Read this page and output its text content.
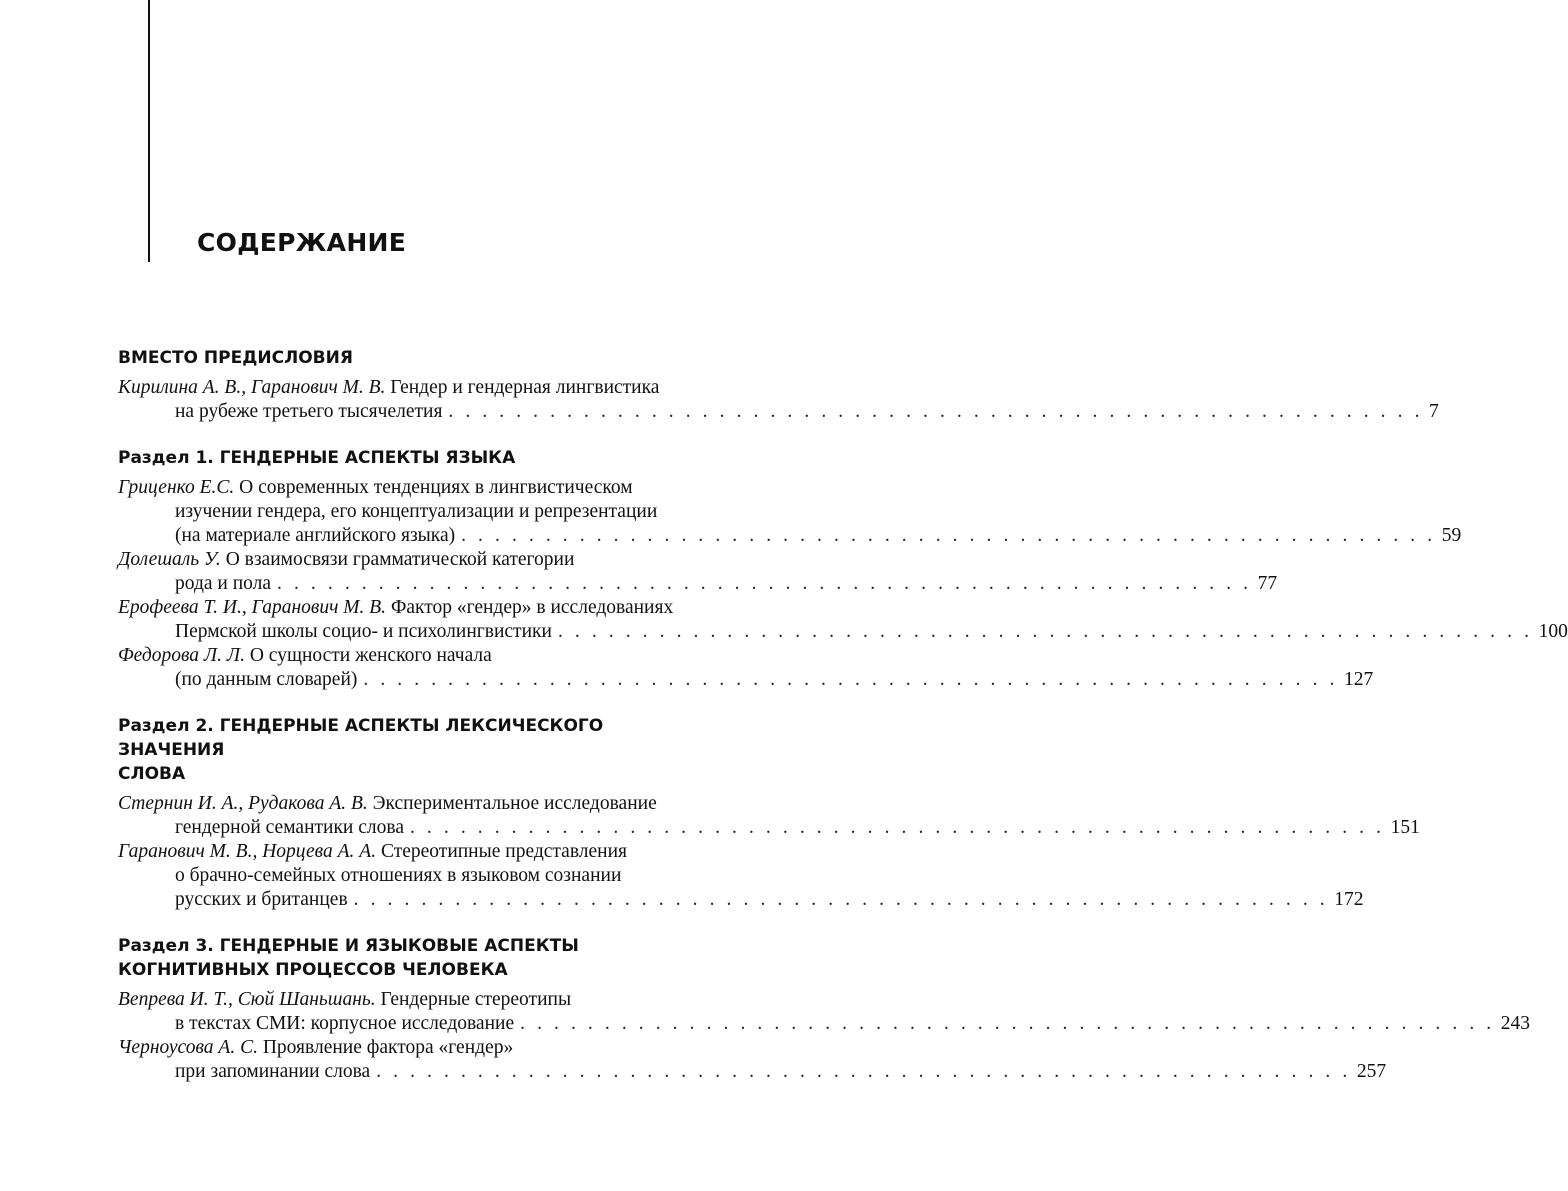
СОДЕРЖАНИЕ
ВМЕСТО ПРЕДИСЛОВИЯ
Кирилина А. В., Гаранович М. В. Гендер и гендерная лингвистика
на рубеже третьего тысячелетия . . . . . . . . . . . . . . . . . . . . . . . . . . . . . . . . . . . . . . . . . . . . . . . . . . . . . . . . . . 7
Раздел 1. ГЕНДЕРНЫЕ АСПЕКТЫ ЯЗЫКА
Гриценко Е.С. О современных тенденциях в лингвистическом
изучении гендера, его концептуализации и репрезентации
(на материале английского языка) . . . . . . . . . . . . . . . . . . . . . . . . . . . . . . . . . . . . . . . . . . . . . . . . . . . . . . . . . . 59
Долешаль У. О взаимосвязи грамматической категории
рода и пола . . . . . . . . . . . . . . . . . . . . . . . . . . . . . . . . . . . . . . . . . . . . . . . . . . . . . . . . . . 77
Ерофеева Т. И., Гаранович М. В. Фактор «гендер» в исследованиях
Пермской школы социо- и психолингвистики . . . . . . . . . . . . . . . . . . . . . . . . . . . . . . . . . . . . . . . . . . . . . . . . . . . . . . . . . . 100
Федорова Л. Л. О сущности женского начала
(по данным словарей) . . . . . . . . . . . . . . . . . . . . . . . . . . . . . . . . . . . . . . . . . . . . . . . . . . . . . . . . . . 127
Раздел 2. ГЕНДЕРНЫЕ АСПЕКТЫ ЛЕКСИЧЕСКОГО ЗНАЧЕНИЯ
СЛОВА
Стернин И. А., Рудакова А. В. Экспериментальное исследование
гендерной семантики слова . . . . . . . . . . . . . . . . . . . . . . . . . . . . . . . . . . . . . . . . . . . . . . . . . . . . . . . . . . 151
Гаранович М. В., Норцева А. А. Стереотипные представления
о брачно-семейных отношениях в языковом сознании
русских и британцев . . . . . . . . . . . . . . . . . . . . . . . . . . . . . . . . . . . . . . . . . . . . . . . . . . . . . . . . . . 172
Раздел 3. ГЕНДЕРНЫЕ И ЯЗЫКОВЫЕ АСПЕКТЫ
КОГНИТИВНЫХ ПРОЦЕССОВ ЧЕЛОВЕКА
Вепрева И. Т., Сюй Шаньшань. Гендерные стереотипы
в текстах СМИ: корпусное исследование . . . . . . . . . . . . . . . . . . . . . . . . . . . . . . . . . . . . . . . . . . . . . . . . . . . . . . . . . . 243
Черноусова А. С. Проявление фактора «гендер»
при запоминании слова . . . . . . . . . . . . . . . . . . . . . . . . . . . . . . . . . . . . . . . . . . . . . . . . . . . . . . . . . . 257
